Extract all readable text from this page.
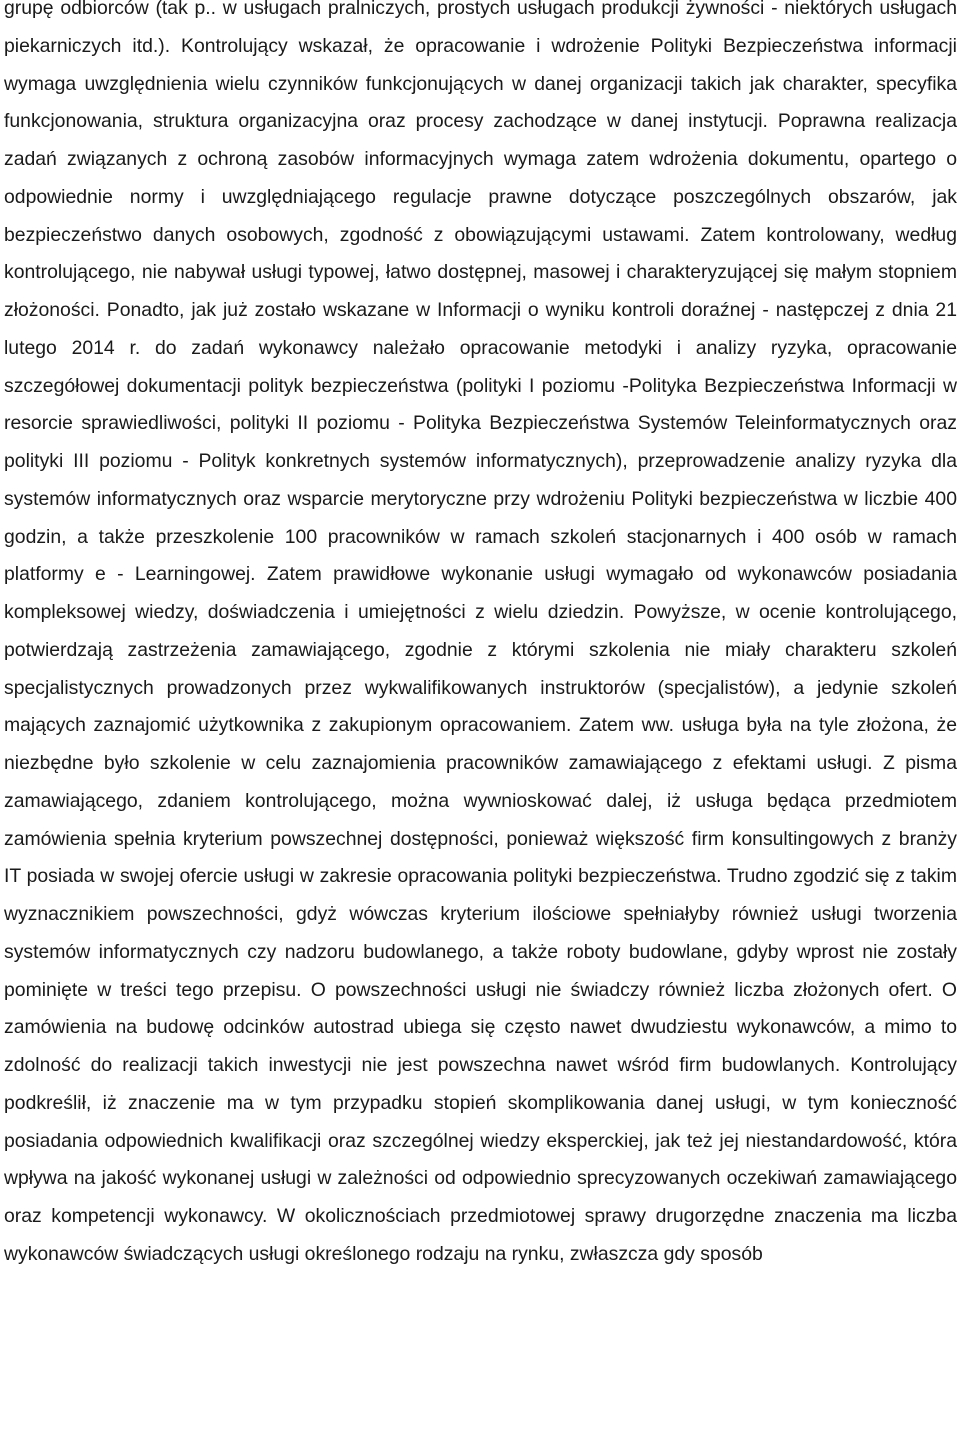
grupę odbiorców (tak p.. w usługach pralniczych, prostych usługach produkcji żywności - niektórych usługach piekarniczych itd.). Kontrolujący wskazał, że opracowanie i wdrożenie Polityki Bezpieczeństwa informacji wymaga uwzględnienia wielu czynników funkcjonujących w danej organizacji takich jak charakter, specyfika funkcjonowania, struktura organizacyjna oraz procesy zachodzące w danej instytucji. Poprawna realizacja zadań związanych z ochroną zasobów informacyjnych wymaga zatem wdrożenia dokumentu, opartego o odpowiednie normy i uwzględniającego regulacje prawne dotyczące poszczególnych obszarów, jak bezpieczeństwo danych osobowych, zgodność z obowiązującymi ustawami. Zatem kontrolowany, według kontrolującego, nie nabywał usługi typowej, łatwo dostępnej, masowej i charakteryzującej się małym stopniem złożoności. Ponadto, jak już zostało wskazane w Informacji o wyniku kontroli doraźnej - następczej z dnia 21 lutego 2014 r. do zadań wykonawcy należało opracowanie metodyki i analizy ryzyka, opracowanie szczegółowej dokumentacji polityk bezpieczeństwa (polityki I poziomu -Polityka Bezpieczeństwa Informacji w resorcie sprawiedliwości, polityki II poziomu - Polityka Bezpieczeństwa Systemów Teleinformatycznych oraz polityki III poziomu - Polityk konkretnych systemów informatycznych), przeprowadzenie analizy ryzyka dla systemów informatycznych oraz wsparcie merytoryczne przy wdrożeniu Polityki bezpieczeństwa w liczbie 400 godzin, a także przeszkolenie 100 pracowników w ramach szkoleń stacjonarnych i 400 osób w ramach platformy e - Learningowej. Zatem prawidłowe wykonanie usługi wymagało od wykonawców posiadania kompleksowej wiedzy, doświadczenia i umiejętności z wielu dziedzin. Powyższe, w ocenie kontrolującego, potwierdzają zastrzeżenia zamawiającego, zgodnie z którymi szkolenia nie miały charakteru szkoleń specjalistycznych prowadzonych przez wykwalifikowanych instruktorów (specjalistów), a jedynie szkoleń mających zaznajomić użytkownika z zakupionym opracowaniem. Zatem ww. usługa była na tyle złożona, że niezbędne było szkolenie w celu zaznajomienia pracowników zamawiającego z efektami usługi. Z pisma zamawiającego, zdaniem kontrolującego, można wywnioskować dalej, iż usługa będąca przedmiotem zamówienia spełnia kryterium powszechnej dostępności, ponieważ większość firm konsultingowych z branży IT posiada w swojej ofercie usługi w zakresie opracowania polityki bezpieczeństwa. Trudno zgodzić się z takim wyznacznikiem powszechności, gdyż wówczas kryterium ilościowe spełniałyby również usługi tworzenia systemów informatycznych czy nadzoru budowlanego, a także roboty budowlane, gdyby wprost nie zostały pominięte w treści tego przepisu. O powszechności usługi nie świadczy również liczba złożonych ofert. O zamówienia na budowę odcinków autostrad ubiega się często nawet dwudziestu wykonawców, a mimo to zdolność do realizacji takich inwestycji nie jest powszechna nawet wśród firm budowlanych. Kontrolujący podkreślił, iż znaczenie ma w tym przypadku stopień skomplikowania danej usługi, w tym konieczność posiadania odpowiednich kwalifikacji oraz szczególnej wiedzy eksperckiej, jak też jej niestandardowość, która wpływa na jakość wykonanej usługi w zależności od odpowiednio sprecyzowanych oczekiwań zamawiającego oraz kompetencji wykonawcy. W okolicznościach przedmiotowej sprawy drugorzędne znaczenia ma liczba wykonawców świadczących usługi określonego rodzaju na rynku, zwłaszcza gdy sposób
